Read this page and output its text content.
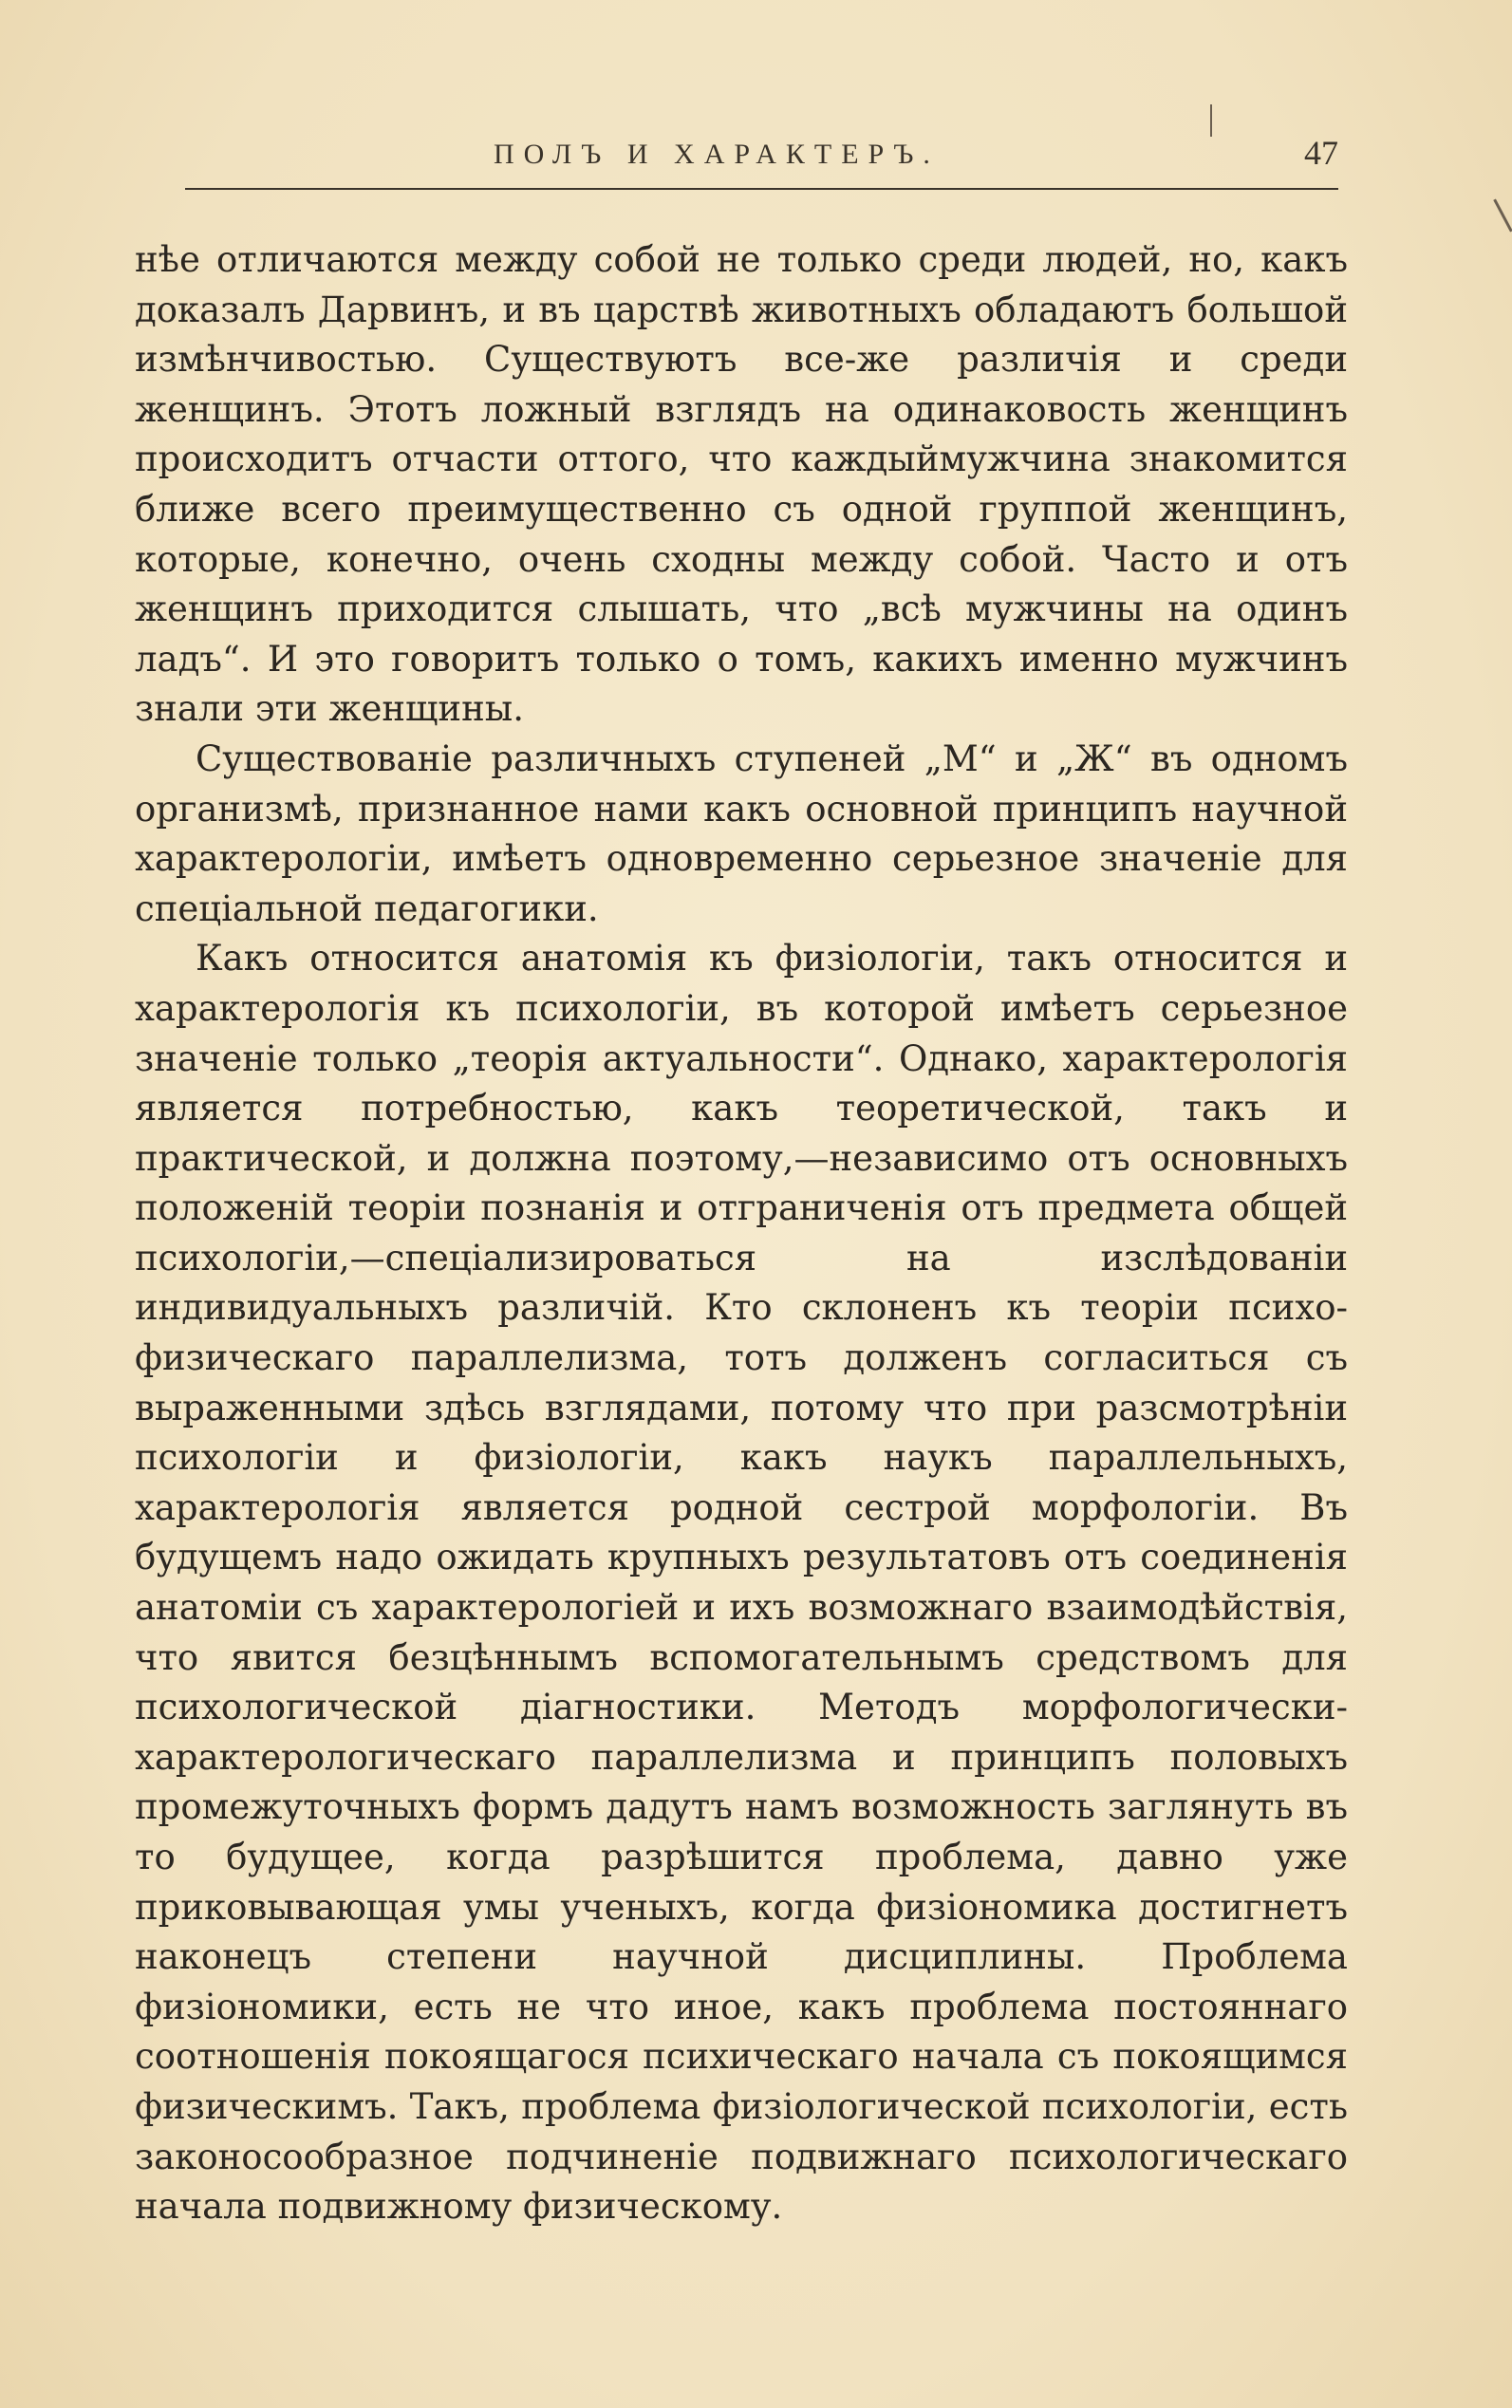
ПОЛЪ И ХАРАКТЕРЪ.	47

нѣе отличаются между собой не только среди людей, но, какъ доказалъ Дарвинъ, и въ царствѣ животныхъ обладаютъ большой измѣнчивостью. Существуютъ все-же различія и среди женщинъ. Этотъ ложный взглядъ на одинаковость женщинъ происходитъ отчасти оттого, что каждыймужчина знакомится ближе всего преимущественно съ одной группой женщинъ, которые, конечно, очень сходны между собой. Часто и отъ женщинъ приходится слышать, что „всѣ мужчины на одинъ ладъ“. И это говоритъ только о томъ, какихъ именно мужчинъ знали эти женщины.

Существованіе различныхъ ступеней „М“ и „Ж“ въ одномъ организмѣ, признанное нами какъ основной принципъ научной характерологіи, имѣетъ одновременно серьезное значеніе для спеціальной педагогики.

Какъ относится анатомія къ физіологіи, такъ относится и характерологія къ психологіи, въ которой имѣетъ серьезное значеніе только „теорія актуальности“. Однако, характерологія является потребностью, какъ теоретической, такъ и практической, и должна поэтому,—независимо отъ основныхъ положеній теоріи познанія и отграниченія отъ предмета общей психологіи,—спеціализироваться на изслѣдованіи индивидуальныхъ различій. Кто склоненъ къ теоріи психо-физическаго параллелизма, тотъ долженъ согласиться съ выраженными здѣсь взглядами, потому что при разсмотрѣніи психологіи и физіологіи, какъ наукъ параллельныхъ, характерологія является родной сестрой морфологіи. Въ будущемъ надо ожидать крупныхъ результатовъ отъ соединенія анатоміи съ характерологіей и ихъ возможнаго взаимодѣйствія, что явится безцѣннымъ вспомогательнымъ средствомъ для психологической діагностики. Методъ морфологически-характерологическаго параллелизма и принципъ половыхъ промежуточныхъ формъ дадутъ намъ возможность заглянуть въ то будущее, когда разрѣшится проблема, давно уже приковывающая умы ученыхъ, когда физіономика достигнетъ наконецъ степени научной дисциплины. Проблема физіономики, есть не что иное, какъ проблема постояннаго соотношенія покоящагося психическаго начала съ покоящимся физическимъ. Такъ, проблема физіологической психологіи, есть законосообразное подчиненіе подвижнаго психологическаго начала подвижному физическому.
